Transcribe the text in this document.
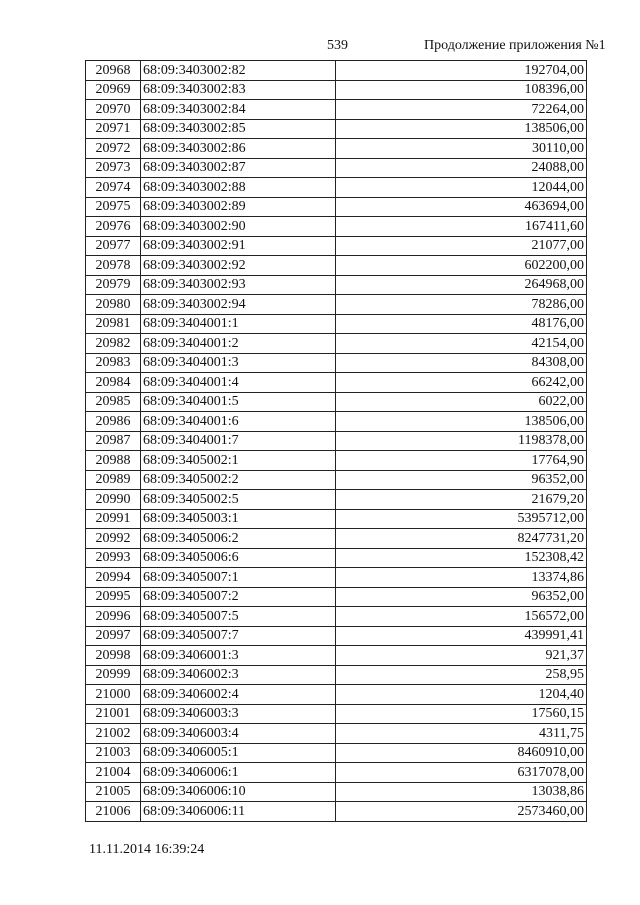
539	Продолжение приложения №1
20968	68:09:3403002:82	192704,00
20969	68:09:3403002:83	108396,00
20970	68:09:3403002:84	72264,00
20971	68:09:3403002:85	138506,00
20972	68:09:3403002:86	30110,00
20973	68:09:3403002:87	24088,00
20974	68:09:3403002:88	12044,00
20975	68:09:3403002:89	463694,00
20976	68:09:3403002:90	167411,60
20977	68:09:3403002:91	21077,00
20978	68:09:3403002:92	602200,00
20979	68:09:3403002:93	264968,00
20980	68:09:3403002:94	78286,00
20981	68:09:3404001:1	48176,00
20982	68:09:3404001:2	42154,00
20983	68:09:3404001:3	84308,00
20984	68:09:3404001:4	66242,00
20985	68:09:3404001:5	6022,00
20986	68:09:3404001:6	138506,00
20987	68:09:3404001:7	1198378,00
20988	68:09:3405002:1	17764,90
20989	68:09:3405002:2	96352,00
20990	68:09:3405002:5	21679,20
20991	68:09:3405003:1	5395712,00
20992	68:09:3405006:2	8247731,20
20993	68:09:3405006:6	152308,42
20994	68:09:3405007:1	13374,86
20995	68:09:3405007:2	96352,00
20996	68:09:3405007:5	156572,00
20997	68:09:3405007:7	439991,41
20998	68:09:3406001:3	921,37
20999	68:09:3406002:3	258,95
21000	68:09:3406002:4	1204,40
21001	68:09:3406003:3	17560,15
21002	68:09:3406003:4	4311,75
21003	68:09:3406005:1	8460910,00
21004	68:09:3406006:1	6317078,00
21005	68:09:3406006:10	13038,86
21006	68:09:3406006:11	2573460,00
11.11.2014 16:39:24
